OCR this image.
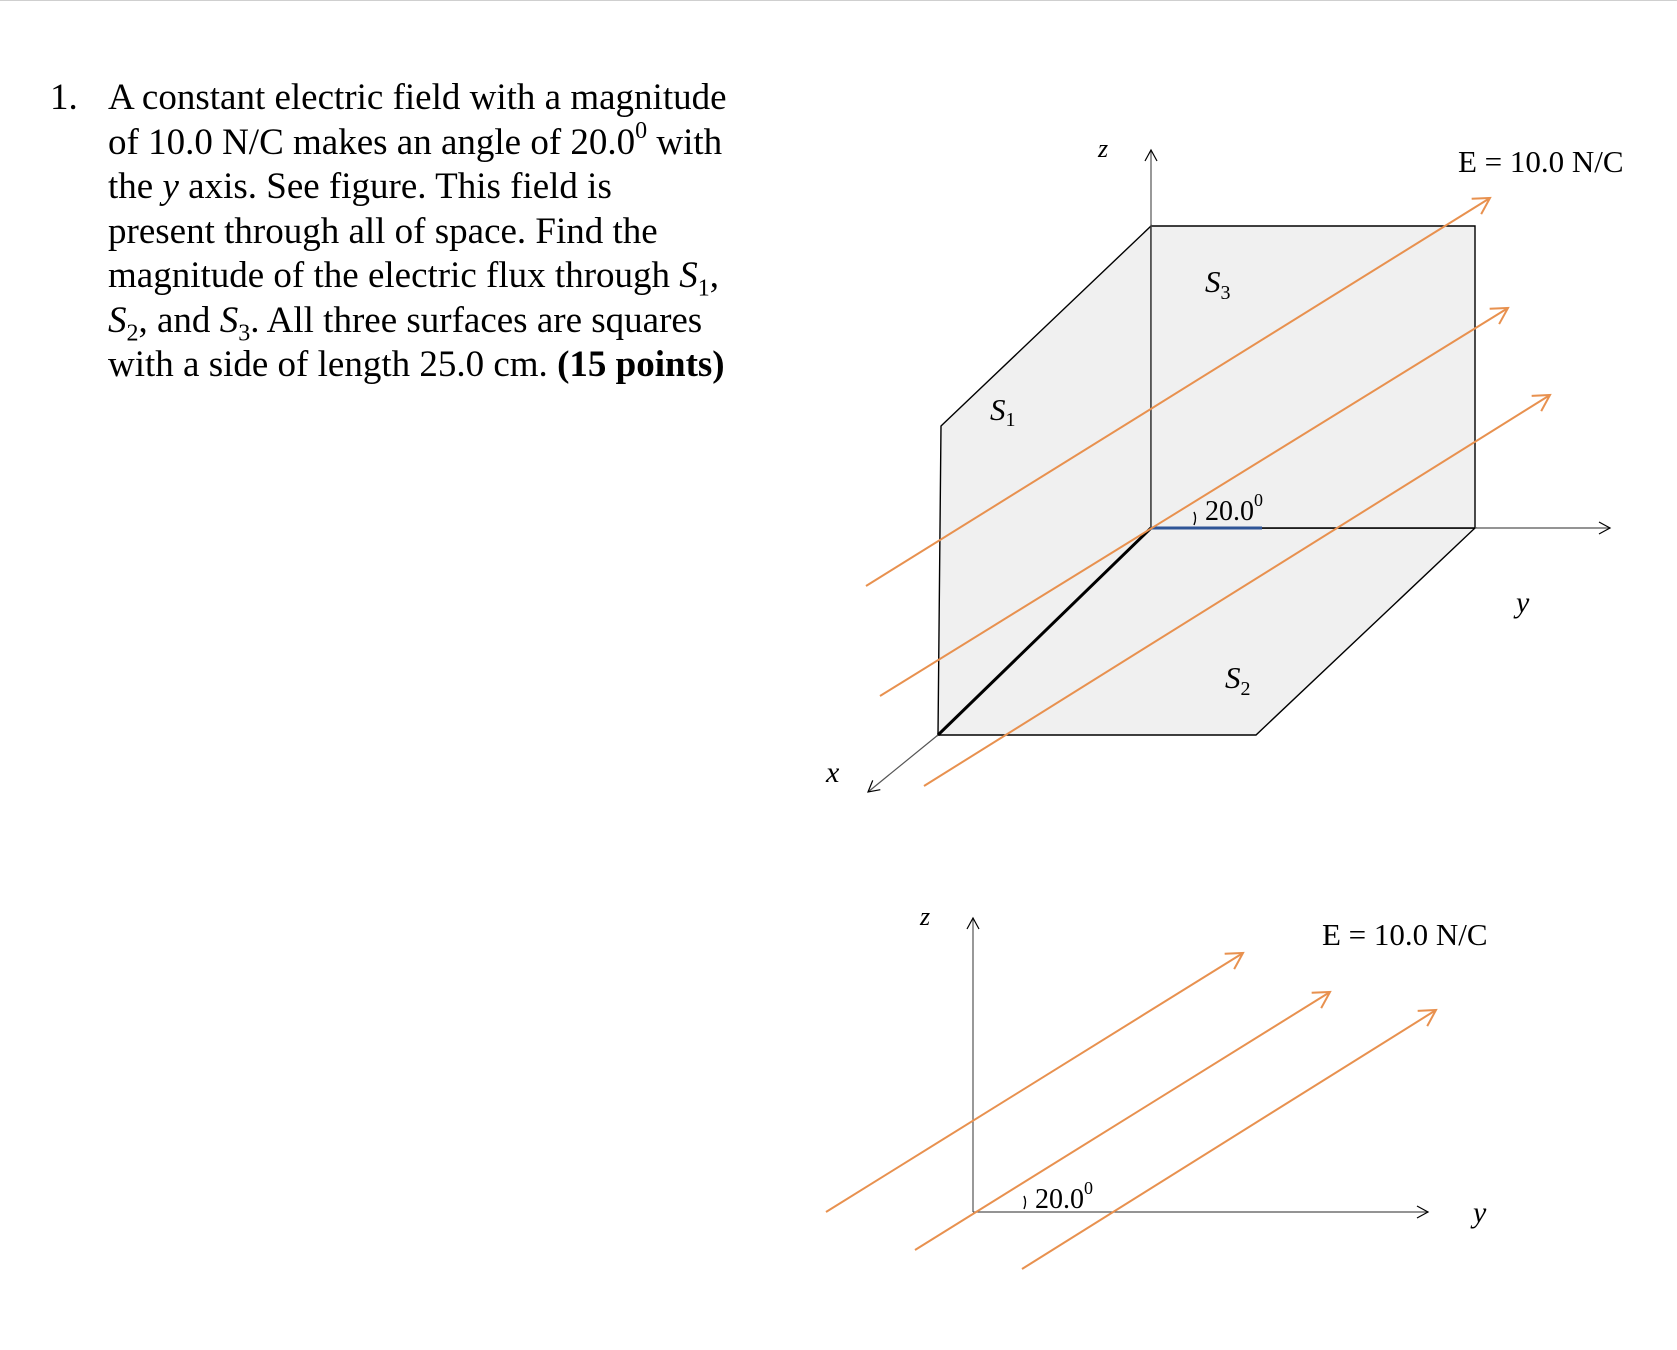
1. A constant electric field with a magnitude

of 10.0 N/C makes an angle of 20.0$^0$ with

the y axis. See figure. This field is

present through all of space. Find the

magnitude of the electric flux through $S_1$,

$S_2$, and $S_3$. All three surfaces are squares

with a side of length 25.0 cm. (15 points)

z
y
x
E = 10.0 N/C
S1
$S_2$
$S_3$
20.0$^0$
z
y
E = 10.0 N/C
20.0$^0$
